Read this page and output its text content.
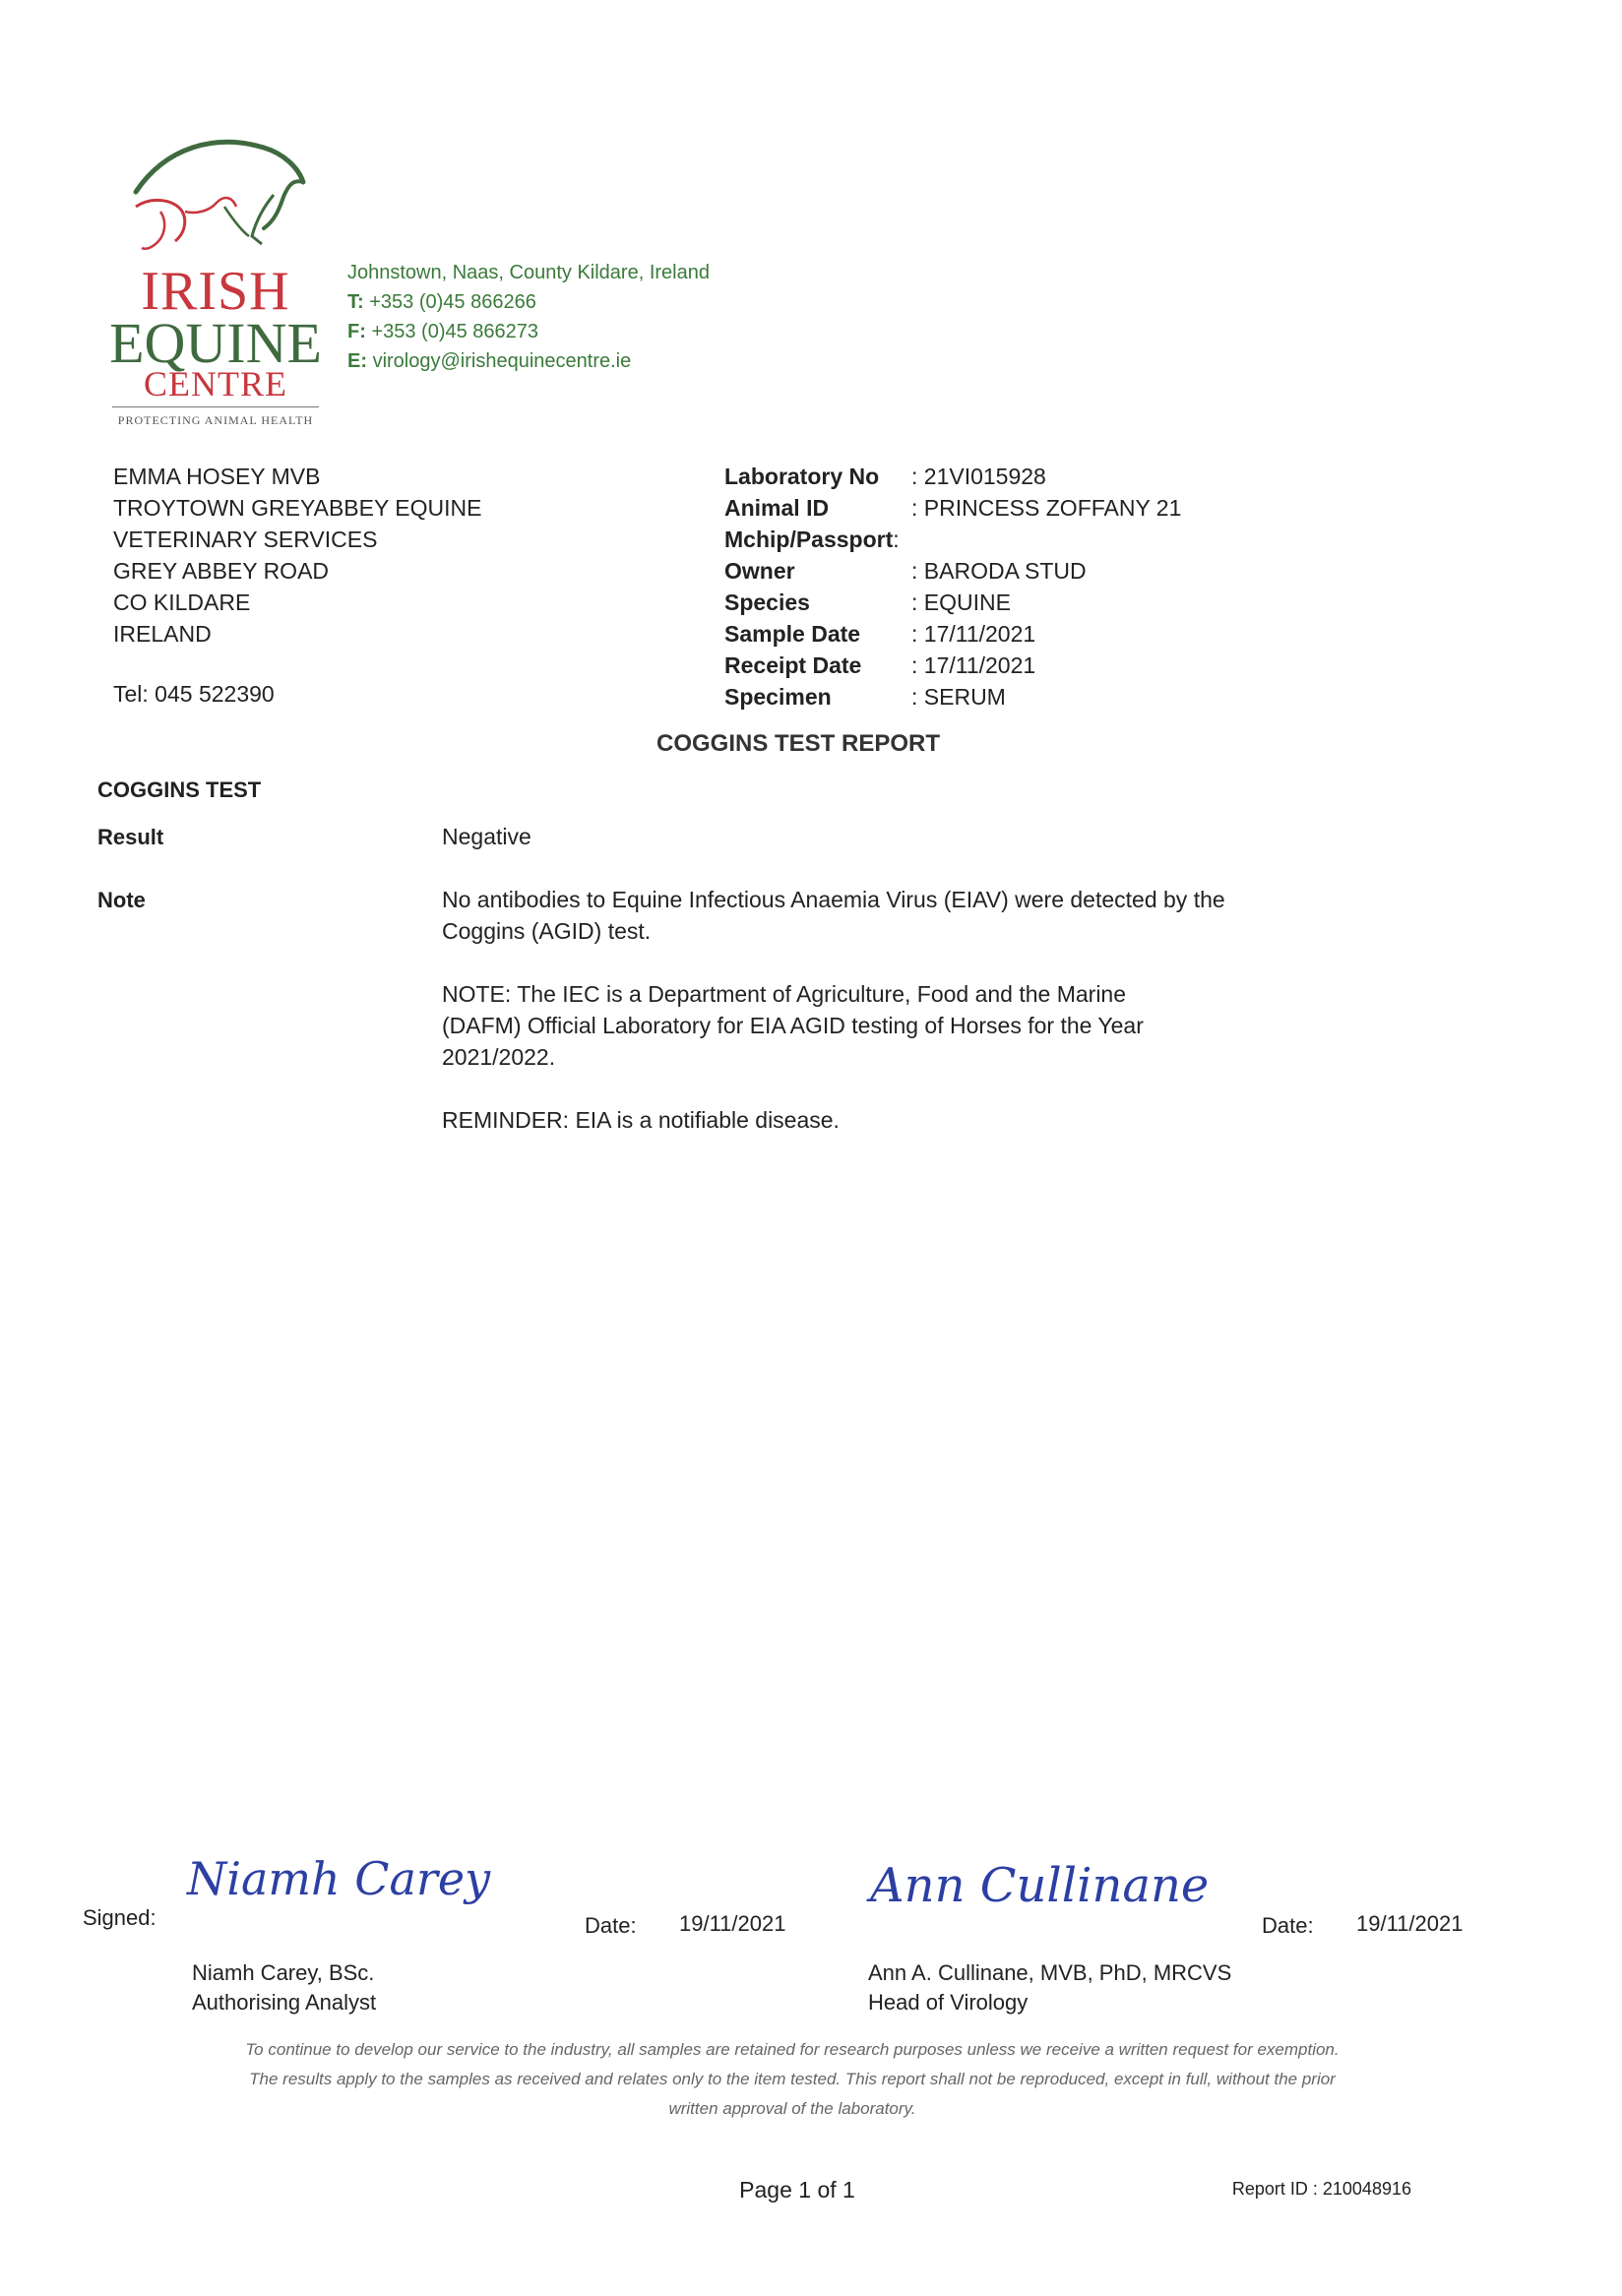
IRISH
EQUINE
CENTRE
PROTECTING ANIMAL HEALTH
Johnstown, Naas, County Kildare, Ireland
T: +353 (0)45 866266
F: +353 (0)45 866273
E: virology@irishequinecentre.ie
EMMA HOSEY MVB
TROYTOWN GREYABBEY EQUINE
VETERINARY SERVICES
GREY ABBEY ROAD
CO KILDARE
IRELAND
Tel: 045 522390
Laboratory No	: 21VI015928
Animal ID	: PRINCESS ZOFFANY 21
Mchip/Passport :
Owner	: BARODA STUD
Species	: EQUINE
Sample Date	: 17/11/2021
Receipt Date	: 17/11/2021
Specimen	: SERUM
COGGINS TEST REPORT
COGGINS TEST
Result	Negative
Note	No antibodies to Equine Infectious Anaemia Virus (EIAV) were detected by the Coggins (AGID) test.
NOTE: The IEC is a Department of Agriculture, Food and the Marine (DAFM) Official Laboratory for EIA AGID testing of Horses for the Year 2021/2022.
REMINDER: EIA is a notifiable disease.
Signed:
Niamh Carey
Date: 19/11/2021
Niamh Carey, BSc.
Authorising Analyst
Ann Cullinane
Date: 19/11/2021
Ann A. Cullinane, MVB, PhD, MRCVS
Head of Virology
To continue to develop our service to the industry, all samples are retained for research purposes unless we receive a written request for exemption.
The results apply to the samples as received and relates only to the item tested. This report shall not be reproduced, except in full, without the prior
written approval of the laboratory.
Page 1 of 1	Report ID : 210048916
